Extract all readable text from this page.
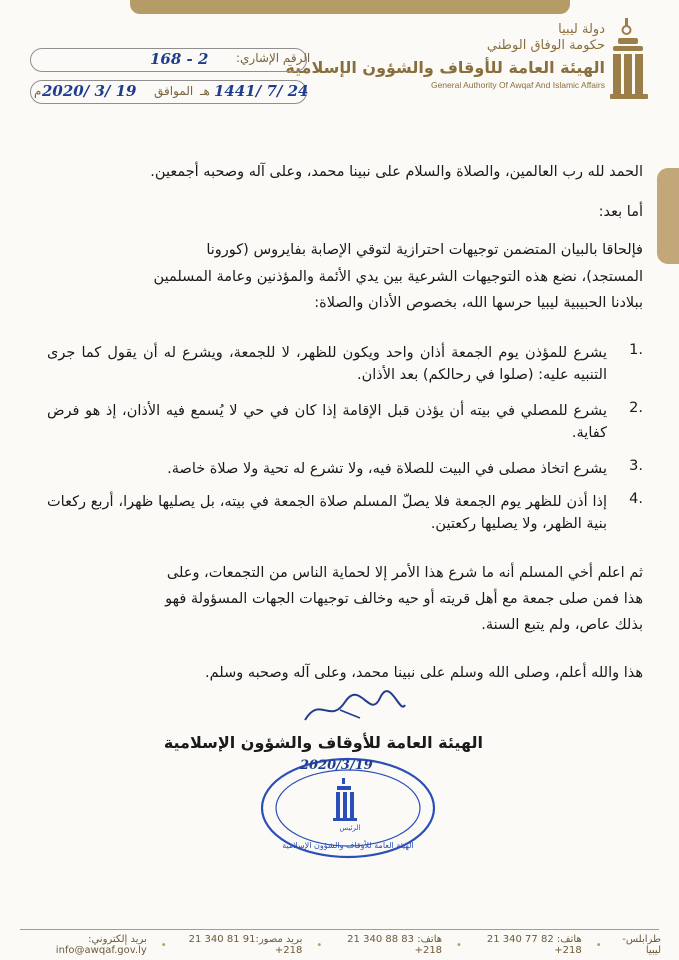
دولة ليبيا
حكومة الوفاق الوطني
الهيئة العامة للأوقاف والشؤون الإسلامية
General Authority Of Awqaf And Islamic Affairs
الرقم الإشاري:
168 - 2
2020/ 3/ 19
م	الموافق هـ 1441/ 7/ 24
الحمد لله رب العالمين، والصلاة والسلام على نبينا محمد، وعلى آله وصحبه أجمعين.
أما بعد:
فإلحاقا بالبيان المتضمن توجيهات احترازية لتوقي الإصابة بفايروس (كورونا
المستجد)، نضع هذه التوجيهات الشرعية بين يدي الأئمة والمؤذنين وعامة المسلمين
ببلادنا الحبيبية ليبيا حرسها الله، بخصوص الأذان والصلاة:
1.
يشرع للمؤذن يوم الجمعة أذان واحد ويكون للظهر، لا للجمعة، ويشرع له أن يقول كما جرى التنبيه عليه: (صلوا في رحالكم) بعد الأذان.
2.
يشرع للمصلي في بيته أن يؤذن قبل الإقامة إذا كان في حي لا يُسمع فيه الأذان، إذ هو فرض كفاية.
3.
يشرع اتخاذ مصلى في البيت للصلاة فيه، ولا تشرع له تحية ولا صلاة خاصة.
4.
إذا أذن للظهر يوم الجمعة فلا يصلّ المسلم صلاة الجمعة في بيته، بل يصليها ظهرا، أربع ركعات بنية الظهر، ولا يصليها ركعتين.
ثم اعلم أخي المسلم أنه ما شرع هذا الأمر إلا لحماية الناس من التجمعات، وعلى
هذا فمن صلى جمعة مع أهل قريته أو حيه وخالف توجيهات الجهات المسؤولة فهو
بذلك عاص، ولم يتبع السنة.
هذا والله أعلم، وصلى الله وسلم على نبينا محمد، وعلى آله وصحبه وسلم.
الهيئة العامة للأوقاف والشؤون الإسلامية
الرئيس
الهيئة العامة للأوقاف والشؤون الإسلامية
2020/3/19
طرابلس-ليبيا
•
هاتف: 82 77 340 21 218+
•
هاتف: 83 88 340 21 218+
•
بريد مصور:91 81 340 21 218+
•
بريد إلكتروني: info@awqaf.gov.ly
